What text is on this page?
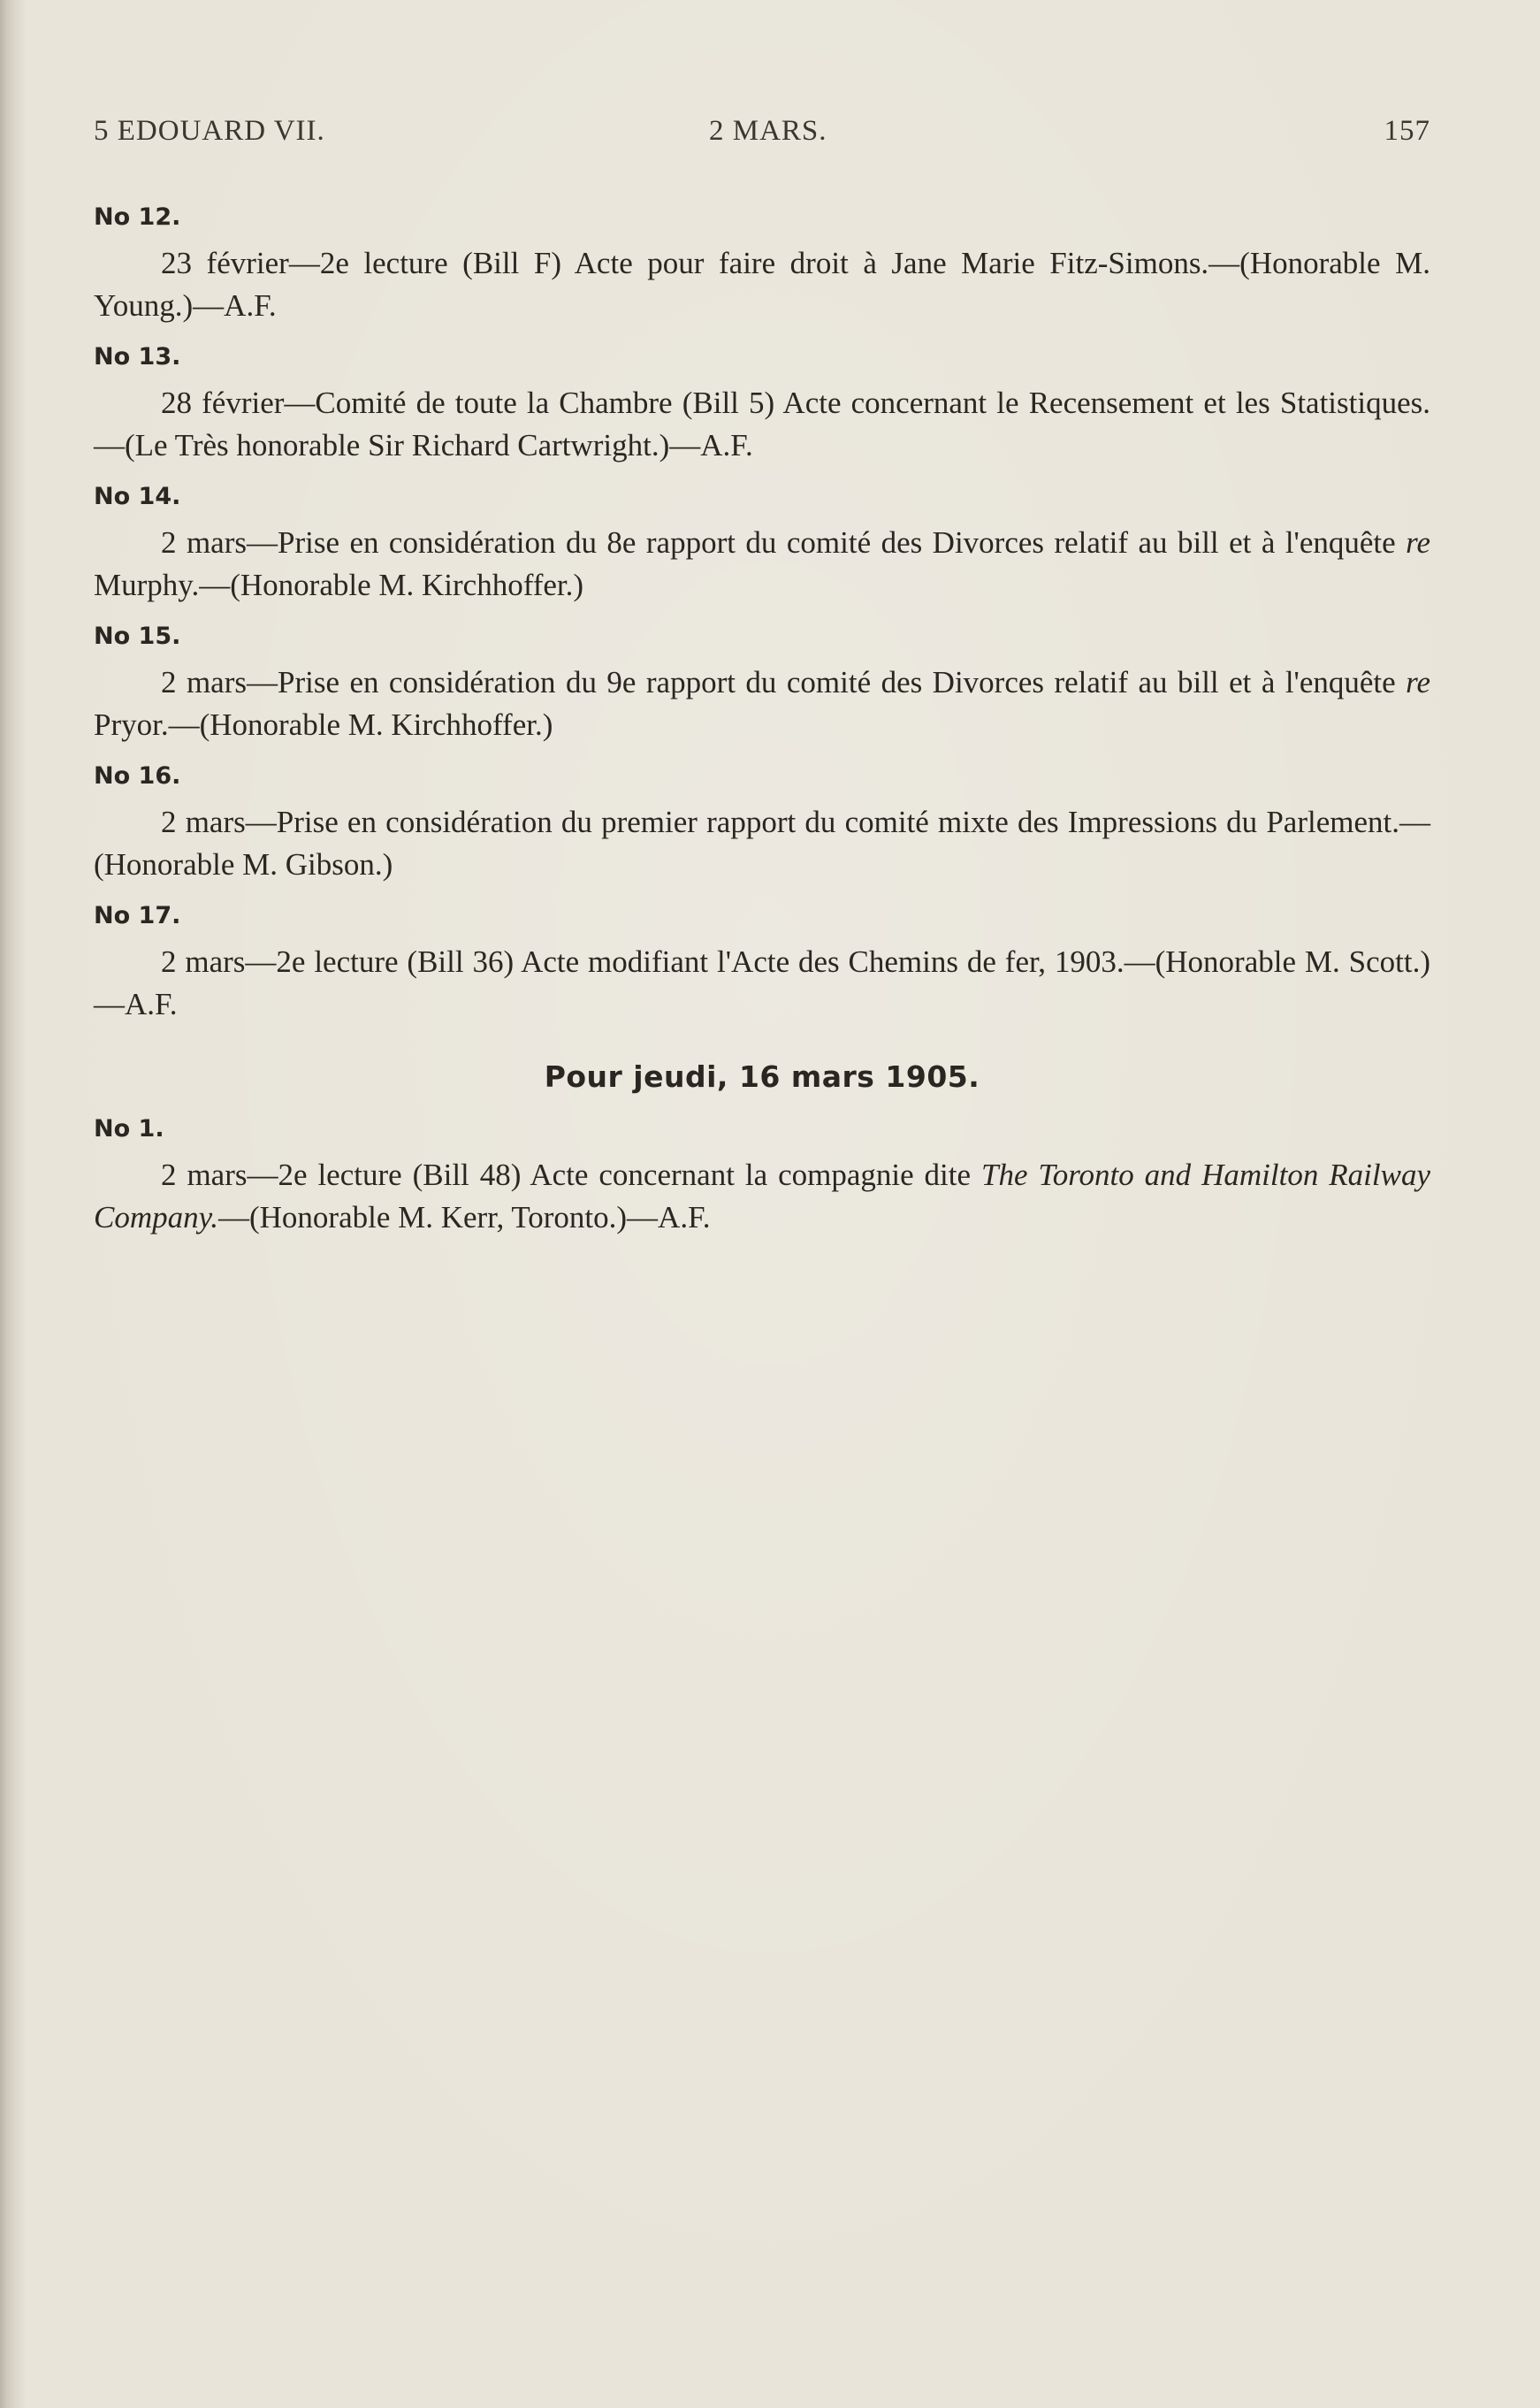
5 EDOUARD VII.	2 MARS.	157

No 12.

23 février—2e lecture (Bill F) Acte pour faire droit à Jane Marie Fitz-Simons.—(Honorable M. Young.)—A.F.

No 13.

28 février—Comité de toute la Chambre (Bill 5) Acte concernant le Recensement et les Statistiques.—(Le Très honorable Sir Richard Cartwright.)—A.F.

No 14.

2 mars—Prise en considération du 8e rapport du comité des Divorces relatif au bill et à l'enquête re Murphy.—(Honorable M. Kirchhoffer.)

No 15.

2 mars—Prise en considération du 9e rapport du comité des Divorces relatif au bill et à l'enquête re Pryor.—(Honorable M. Kirchhoffer.)

No 16.

2 mars—Prise en considération du premier rapport du comité mixte des Impressions du Parlement.—(Honorable M. Gibson.)

No 17.

2 mars—2e lecture (Bill 36) Acte modifiant l'Acte des Chemins de fer, 1903.—(Honorable M. Scott.)—A.F.

Pour jeudi, 16 mars 1905.

No 1.

2 mars—2e lecture (Bill 48) Acte concernant la compagnie dite The Toronto and Hamilton Railway Company.—(Honorable M. Kerr, Toronto.)—A.F.
